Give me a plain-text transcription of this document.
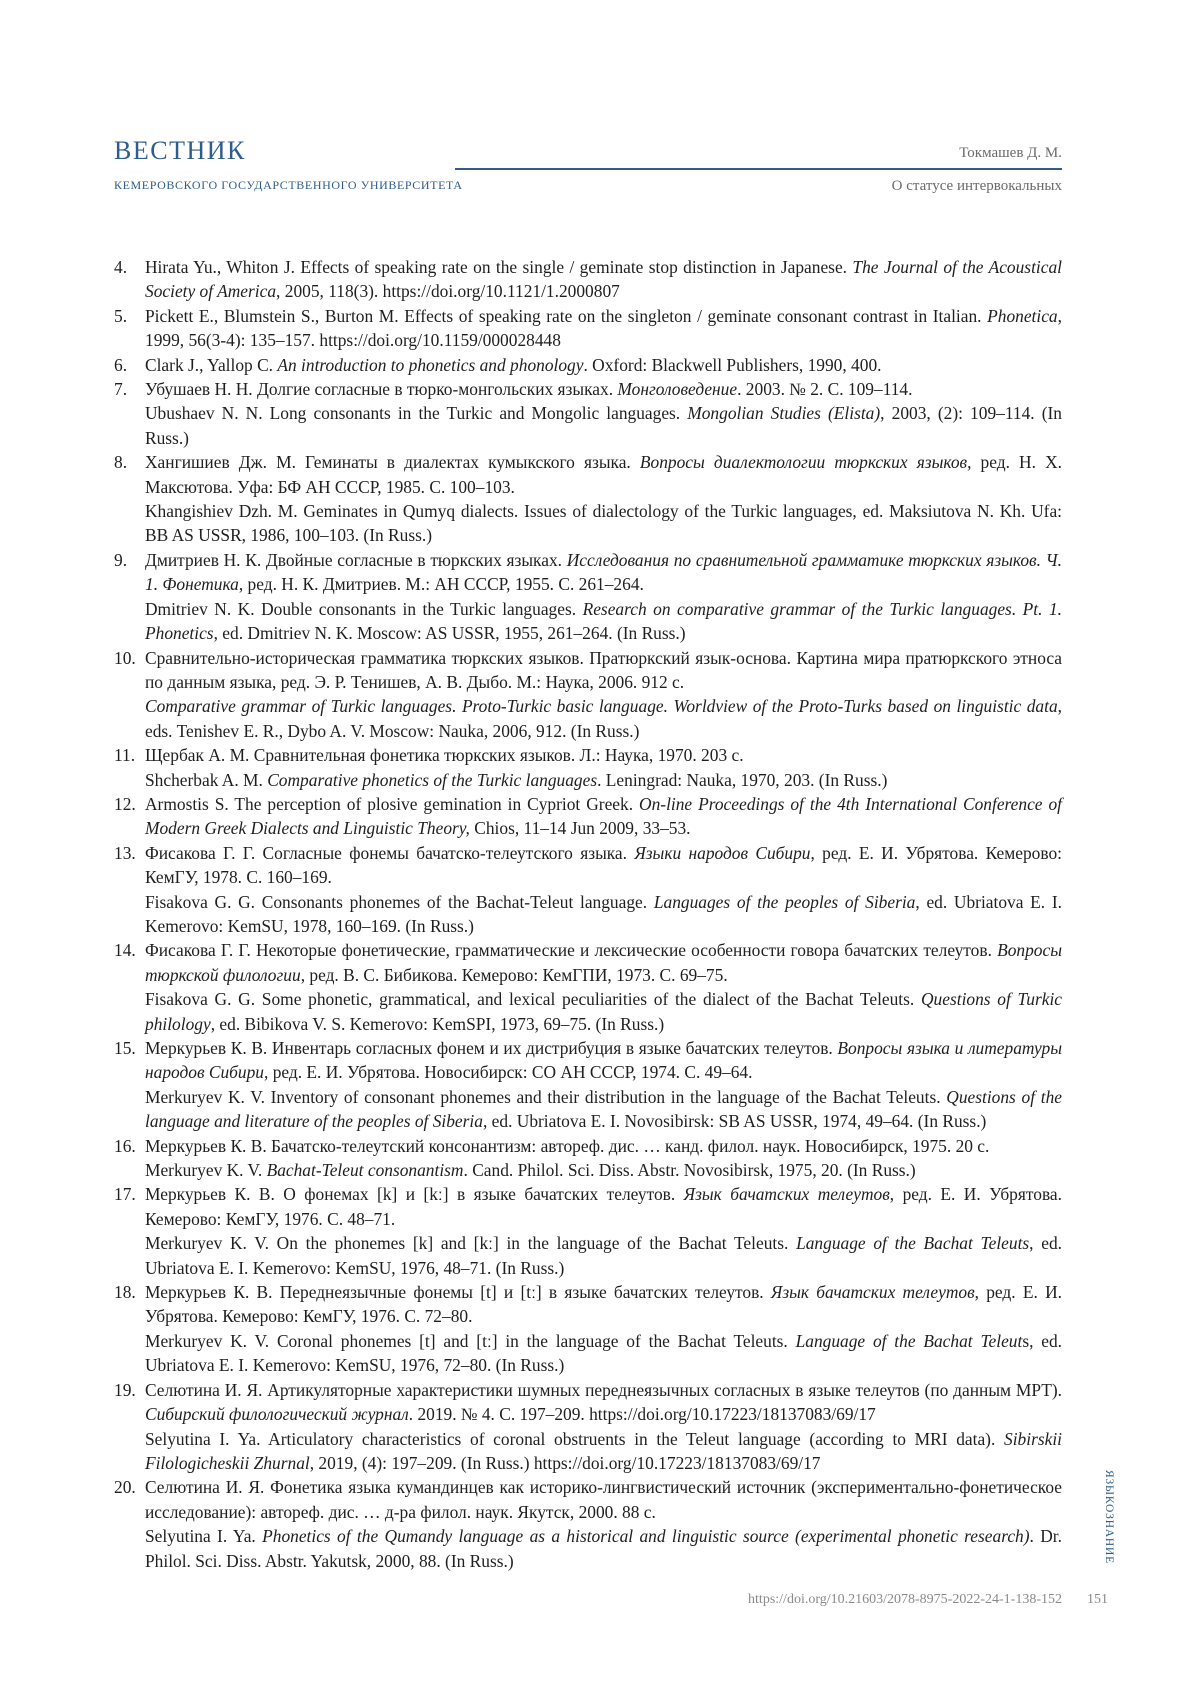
ВЕСТНИК
КЕМЕРОВСКОГО ГОСУДАРСТВЕННОГО УНИВЕРСИТЕТА
Токмашев Д. М.
О статусе интервокальных
4. Hirata Yu., Whiton J. Effects of speaking rate on the single / geminate stop distinction in Japanese. The Journal of the Acoustical Society of America, 2005, 118(3). https://doi.org/10.1121/1.2000807
5. Pickett E., Blumstein S., Burton M. Effects of speaking rate on the singleton / geminate consonant contrast in Italian. Phonetica, 1999, 56(3-4): 135–157. https://doi.org/10.1159/000028448
6. Clark J., Yallop C. An introduction to phonetics and phonology. Oxford: Blackwell Publishers, 1990, 400.
7. Убушаев Н. Н. Долгие согласные в тюрко-монгольских языках. Монголоведение. 2003. № 2. С. 109–114.
Ubushaev N. N. Long consonants in the Turkic and Mongolic languages. Mongolian Studies (Elista), 2003, (2): 109–114. (In Russ.)
8. Хангишиев Дж. М. Геминаты в диалектах кумыкского языка. Вопросы диалектологии тюркских языков, ред. Н. Х. Максютова. Уфа: БФ АН СССР, 1985. С. 100–103.
Khangishiev Dzh. M. Geminates in Qumyq dialects. Issues of dialectology of the Turkic languages, ed. Maksiutova N. Kh. Ufa: BB AS USSR, 1986, 100–103. (In Russ.)
9. Дмитриев Н. К. Двойные согласные в тюркских языках. Исследования по сравнительной грамматике тюркских языков. Ч. 1. Фонетика, ред. Н. К. Дмитриев. М.: АН СССР, 1955. С. 261–264.
Dmitriev N. K. Double consonants in the Turkic languages. Research on comparative grammar of the Turkic languages. Pt. 1. Phonetics, ed. Dmitriev N. K. Moscow: AS USSR, 1955, 261–264. (In Russ.)
10. Сравнительно-историческая грамматика тюркских языков. Пратюркский язык-основа. Картина мира пратюркского этноса по данным языка, ред. Э. Р. Тенишев, А. В. Дыбо. М.: Наука, 2006. 912 с.
Comparative grammar of Turkic languages. Proto-Turkic basic language. Worldview of the Proto-Turks based on linguistic data, eds. Tenishev E. R., Dybo A. V. Moscow: Nauka, 2006, 912. (In Russ.)
11. Щербак А. М. Сравнительная фонетика тюркских языков. Л.: Наука, 1970. 203 с.
Shcherbak A. M. Comparative phonetics of the Turkic languages. Leningrad: Nauka, 1970, 203. (In Russ.)
12. Armostis S. The perception of plosive gemination in Cypriot Greek. On-line Proceedings of the 4th International Conference of Modern Greek Dialects and Linguistic Theory, Chios, 11–14 Jun 2009, 33–53.
13. Фисакова Г. Г. Согласные фонемы бачатско-телеутского языка. Языки народов Сибири, ред. Е. И. Убрятова. Кемерово: КемГУ, 1978. С. 160–169.
Fisakova G. G. Consonants phonemes of the Bachat-Teleut language. Languages of the peoples of Siberia, ed. Ubriatova E. I. Kemerovo: KemSU, 1978, 160–169. (In Russ.)
14. Фисакова Г. Г. Некоторые фонетические, грамматические и лексические особенности говора бачатских телеутов. Вопросы тюркской филологии, ред. В. С. Бибикова. Кемерово: КемГПИ, 1973. С. 69–75.
Fisakova G. G. Some phonetic, grammatical, and lexical peculiarities of the dialect of the Bachat Teleuts. Questions of Turkic philology, ed. Bibikova V. S. Kemerovo: KemSPI, 1973, 69–75. (In Russ.)
15. Меркурьев К. В. Инвентарь согласных фонем и их дистрибуция в языке бачатских телеутов. Вопросы языка и литературы народов Сибири, ред. Е. И. Убрятова. Новосибирск: СО АН СССР, 1974. С. 49–64.
Merkuryev K. V. Inventory of consonant phonemes and their distribution in the language of the Bachat Teleuts. Questions of the language and literature of the peoples of Siberia, ed. Ubriatova E. I. Novosibirsk: SB AS USSR, 1974, 49–64. (In Russ.)
16. Меркурьев К. В. Бачатско-телеутский консонантизм: автореф. дис. … канд. филол. наук. Новосибирск, 1975. 20 с.
Merkuryev K. V. Bachat-Teleut consonantism. Cand. Philol. Sci. Diss. Abstr. Novosibirsk, 1975, 20. (In Russ.)
17. Меркурьев К. В. О фонемах [k] и [kː] в языке бачатских телеутов. Язык бачатских телеутов, ред. Е. И. Убрятова. Кемерово: КемГУ, 1976. С. 48–71.
Merkuryev K. V. On the phonemes [k] and [kː] in the language of the Bachat Teleuts. Language of the Bachat Teleuts, ed. Ubriatova E. I. Kemerovo: KemSU, 1976, 48–71. (In Russ.)
18. Меркурьев К. В. Переднеязычные фонемы [t] и [tː] в языке бачатских телеутов. Язык бачатских телеутов, ред. Е. И. Убрятова. Кемерово: КемГУ, 1976. С. 72–80.
Merkuryev K. V. Coronal phonemes [t] and [tː] in the language of the Bachat Teleuts. Language of the Bachat Teleuts, ed. Ubriatova E. I. Kemerovo: KemSU, 1976, 72–80. (In Russ.)
19. Селютина И. Я. Артикуляторные характеристики шумных переднеязычных согласных в языке телеутов (по данным МРТ). Сибирский филологический журнал. 2019. № 4. С. 197–209. https://doi.org/10.17223/18137083/69/17
Selyutina I. Ya. Articulatory characteristics of coronal obstruents in the Teleut language (according to MRI data). Sibirskii Filologicheskii Zhurnal, 2019, (4): 197–209. (In Russ.) https://doi.org/10.17223/18137083/69/17
20. Селютина И. Я. Фонетика языка кумандинцев как историко-лингвистический источник (экспериментально-фонетическое исследование): автореф. дис. … д-ра филол. наук. Якутск, 2000. 88 с.
Selyutina I. Ya. Phonetics of the Qumandy language as a historical and linguistic source (experimental phonetic research). Dr. Philol. Sci. Diss. Abstr. Yakutsk, 2000, 88. (In Russ.)	ЯЗЫКОЗНАНИЕ
https://doi.org/10.21603/2078-8975-2022-24-1-138-152 151
